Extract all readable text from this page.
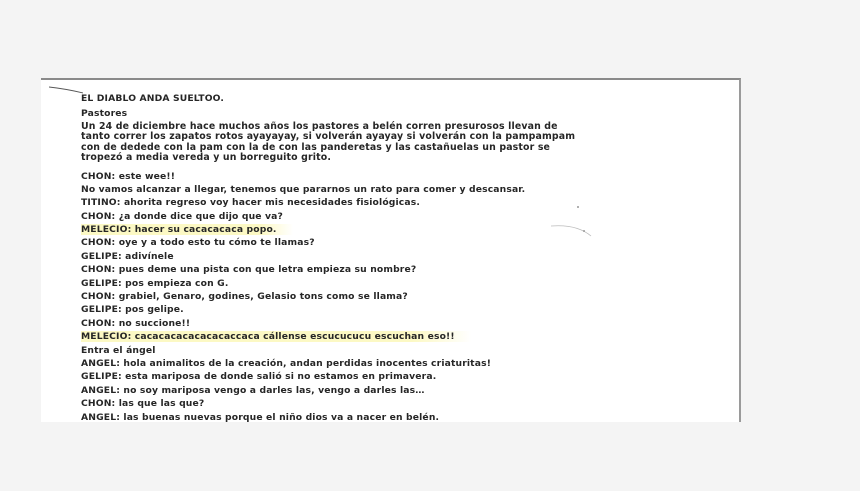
EL DIABLO ANDA SUELTOO.
Pastores
Un 24 de diciembre hace muchos años los pastores a belén corren presurosos llevan de
tanto correr los zapatos rotos ayayayay, si volverán ayayay si volverán con la pampampam
con de dedede con la pam con la de con las panderetas y las castañuelas un pastor se
tropezó a media vereda y un borreguito grito.
CHON: este wee!!
No vamos alcanzar a llegar, tenemos que pararnos un rato para comer y descansar.
TITINO: ahorita regreso voy hacer mis necesidades fisiológicas.
CHON: ¿a donde dice que dijo que va?
MELECIO: hacer su cacacacaca popo.
CHON: oye y a todo esto tu cómo te llamas?
GELIPE: adivínele
CHON: pues deme una pista con que letra empieza su nombre?
GELIPE: pos empieza con G.
CHON: grabiel, Genaro, godines, Gelasio tons como se llama?
GELIPE: pos gelipe.
CHON: no succione!!
MELECIO: cacacacacacacacaccaca cállense escucucucu escuchan eso!!
Entra el ángel
ANGEL: hola animalitos de la creación, andan perdidas inocentes criaturitas!
GELIPE: esta mariposa de donde salió si no estamos en primavera.
ANGEL: no soy mariposa vengo a darles las, vengo a darles las…
CHON: las que las que?
ANGEL: las buenas nuevas porque el niño dios va a nacer en belén.
